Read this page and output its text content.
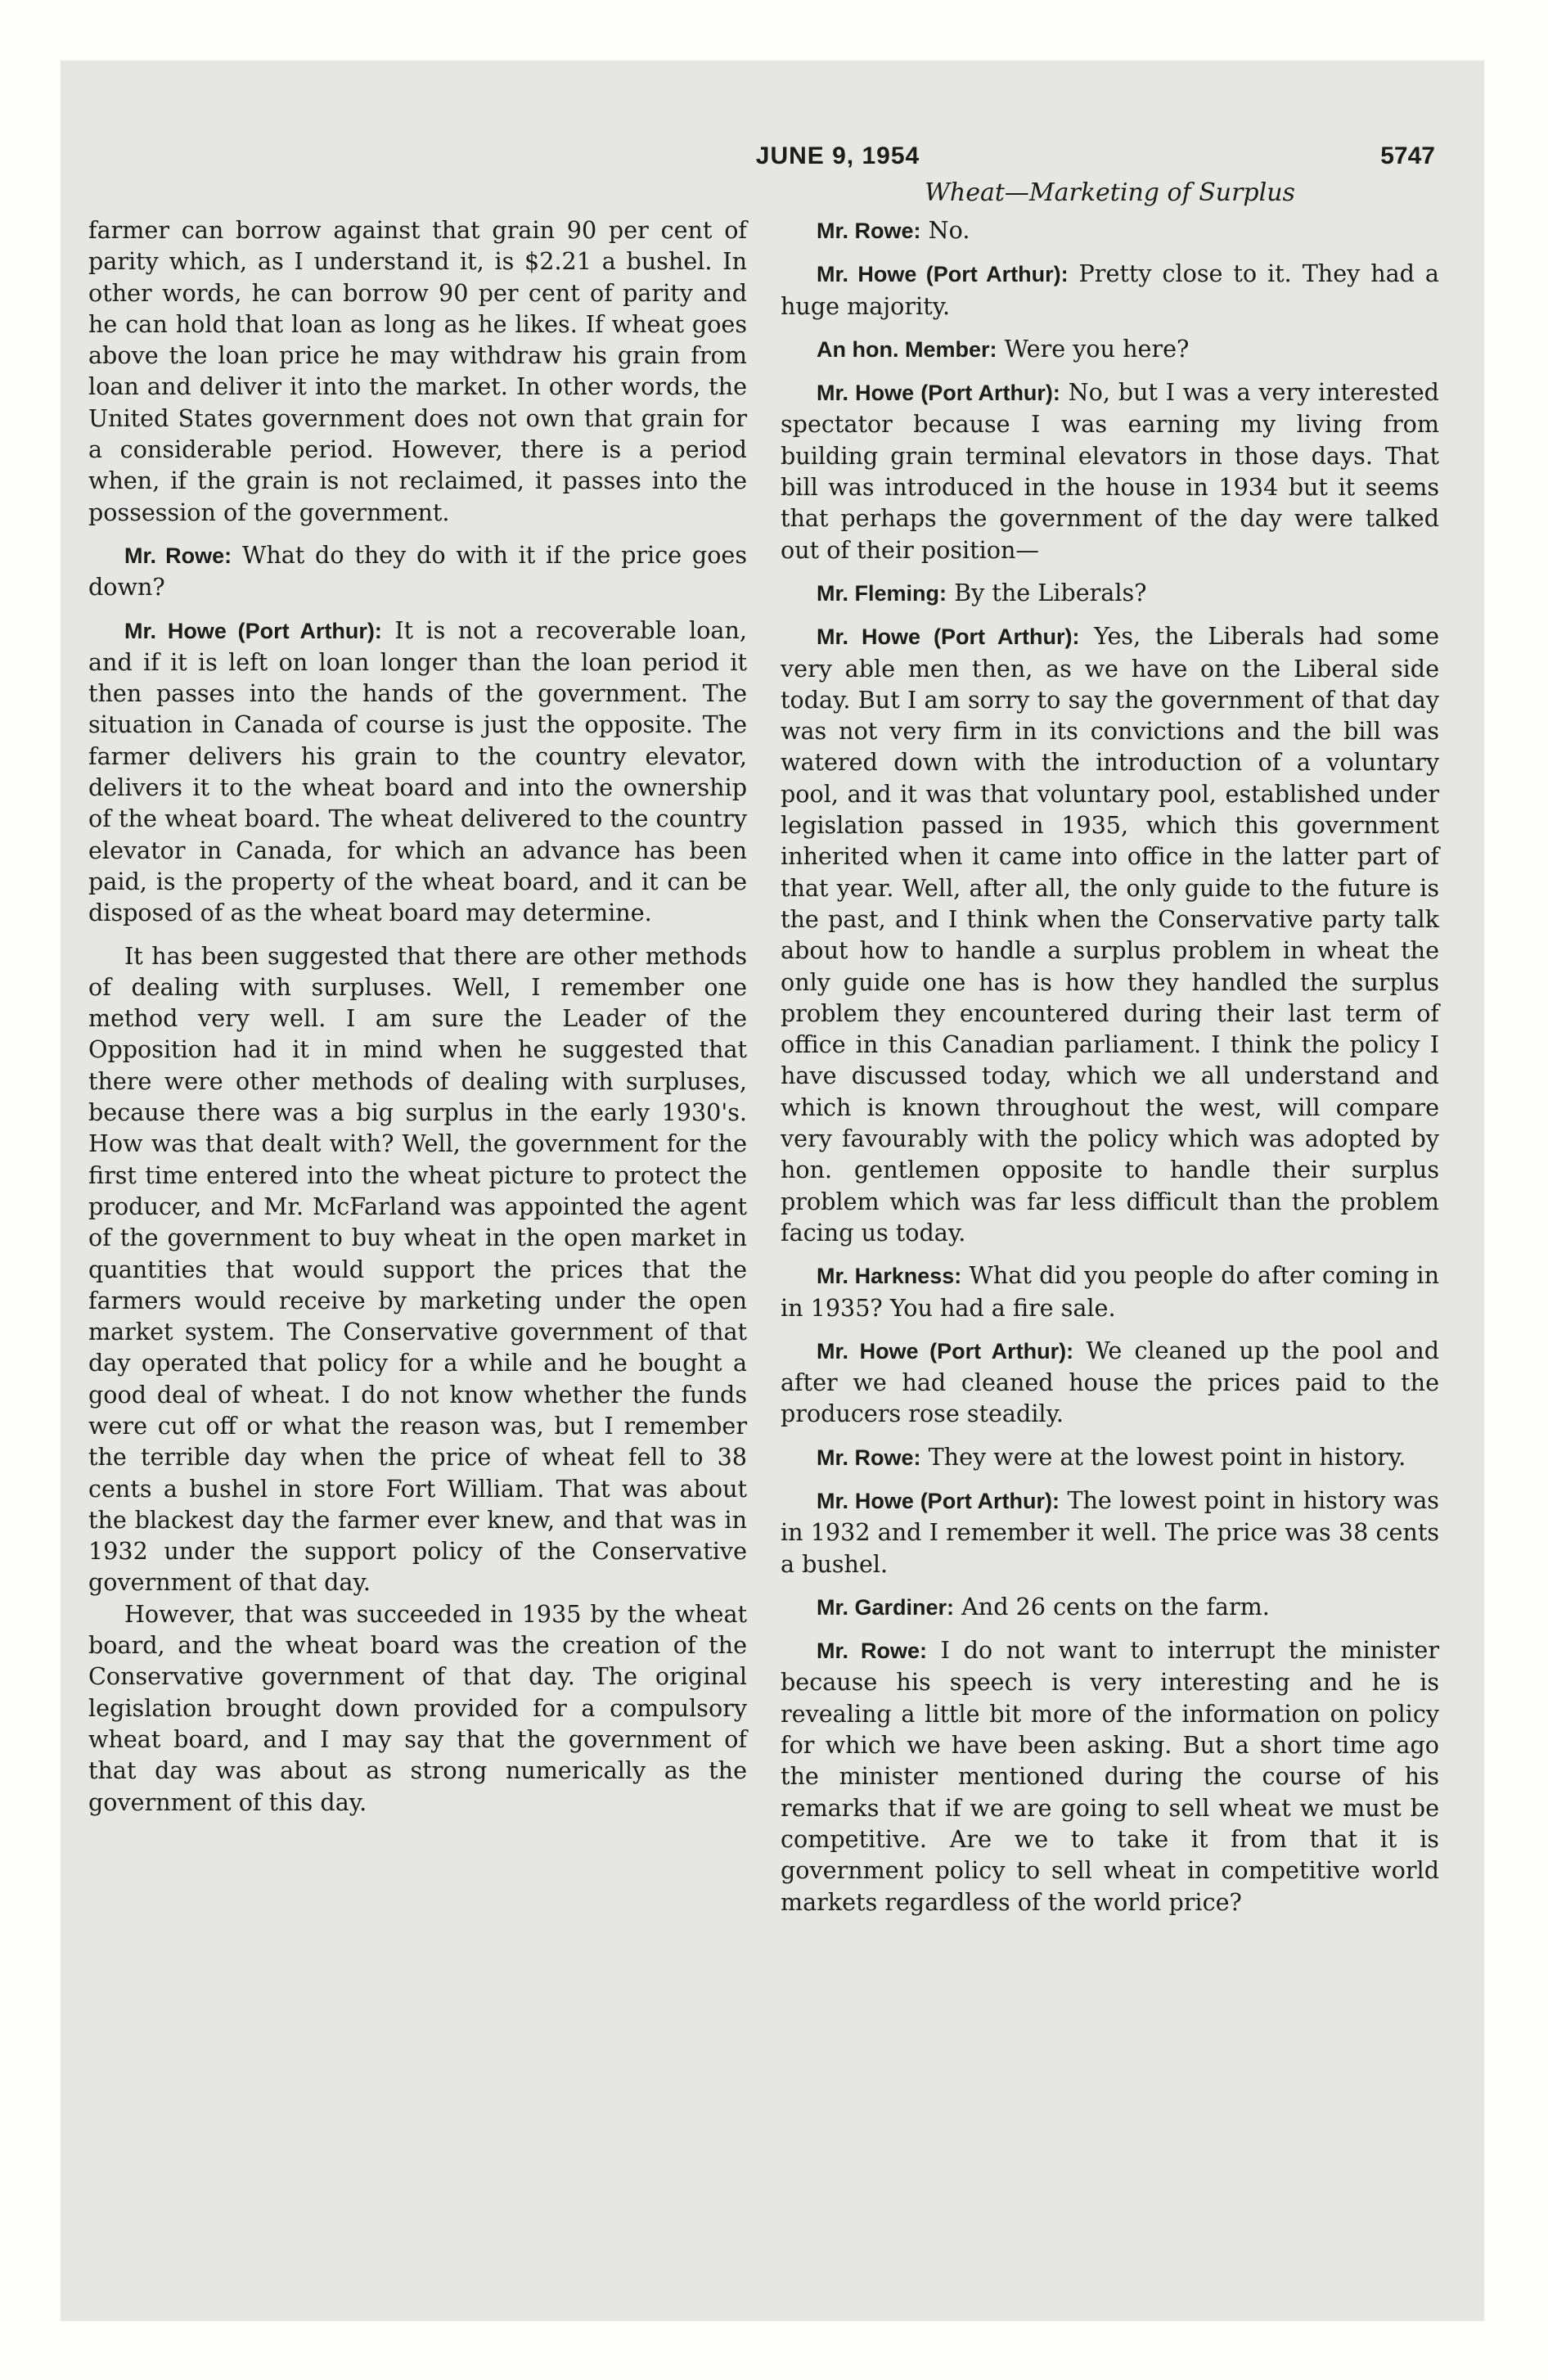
JUNE 9, 1954	5747
Wheat—Marketing of Surplus

farmer can borrow against that grain 90 per cent of parity which, as I understand it, is $2.21 a bushel. In other words, he can borrow 90 per cent of parity and he can hold that loan as long as he likes. If wheat goes above the loan price he may withdraw his grain from loan and deliver it into the market. In other words, the United States government does not own that grain for a considerable period. However, there is a period when, if the grain is not reclaimed, it passes into the possession of the government.

Mr. Rowe: What do they do with it if the price goes down?

Mr. Howe (Port Arthur): It is not a recoverable loan, and if it is left on loan longer than the loan period it then passes into the hands of the government. The situation in Canada of course is just the opposite. The farmer delivers his grain to the country elevator, delivers it to the wheat board and into the ownership of the wheat board. The wheat delivered to the country elevator in Canada, for which an advance has been paid, is the property of the wheat board, and it can be disposed of as the wheat board may determine.

It has been suggested that there are other methods of dealing with surpluses. Well, I remember one method very well. I am sure the Leader of the Opposition had it in mind when he suggested that there were other methods of dealing with surpluses, because there was a big surplus in the early 1930's. How was that dealt with? Well, the government for the first time entered into the wheat picture to protect the producer, and Mr. McFarland was appointed the agent of the government to buy wheat in the open market in quantities that would support the prices that the farmers would receive by marketing under the open market system. The Conservative government of that day operated that policy for a while and he bought a good deal of wheat. I do not know whether the funds were cut off or what the reason was, but I remember the terrible day when the price of wheat fell to 38 cents a bushel in store Fort William. That was about the blackest day the farmer ever knew, and that was in 1932 under the support policy of the Conservative government of that day.

However, that was succeeded in 1935 by the wheat board, and the wheat board was the creation of the Conservative government of that day. The original legislation brought down provided for a compulsory wheat board, and I may say that the government of that day was about as strong numerically as the government of this day.

Mr. Rowe: No.

Mr. Howe (Port Arthur): Pretty close to it. They had a huge majority.

An hon. Member: Were you here?

Mr. Howe (Port Arthur): No, but I was a very interested spectator because I was earning my living from building grain terminal elevators in those days. That bill was introduced in the house in 1934 but it seems that perhaps the government of the day were talked out of their position—

Mr. Fleming: By the Liberals?

Mr. Howe (Port Arthur): Yes, the Liberals had some very able men then, as we have on the Liberal side today. But I am sorry to say the government of that day was not very firm in its convictions and the bill was watered down with the introduction of a voluntary pool, and it was that voluntary pool, established under legislation passed in 1935, which this government inherited when it came into office in the latter part of that year. Well, after all, the only guide to the future is the past, and I think when the Conservative party talk about how to handle a surplus problem in wheat the only guide one has is how they handled the surplus problem they encountered during their last term of office in this Canadian parliament. I think the policy I have discussed today, which we all understand and which is known throughout the west, will compare very favourably with the policy which was adopted by hon. gentlemen opposite to handle their surplus problem which was far less difficult than the problem facing us today.

Mr. Harkness: What did you people do after coming in in 1935? You had a fire sale.

Mr. Howe (Port Arthur): We cleaned up the pool and after we had cleaned house the prices paid to the producers rose steadily.

Mr. Rowe: They were at the lowest point in history.

Mr. Howe (Port Arthur): The lowest point in history was in 1932 and I remember it well. The price was 38 cents a bushel.

Mr. Gardiner: And 26 cents on the farm.

Mr. Rowe: I do not want to interrupt the minister because his speech is very interesting and he is revealing a little bit more of the information on policy for which we have been asking. But a short time ago the minister mentioned during the course of his remarks that if we are going to sell wheat we must be competitive. Are we to take it from that it is government policy to sell wheat in competitive world markets regardless of the world price?
